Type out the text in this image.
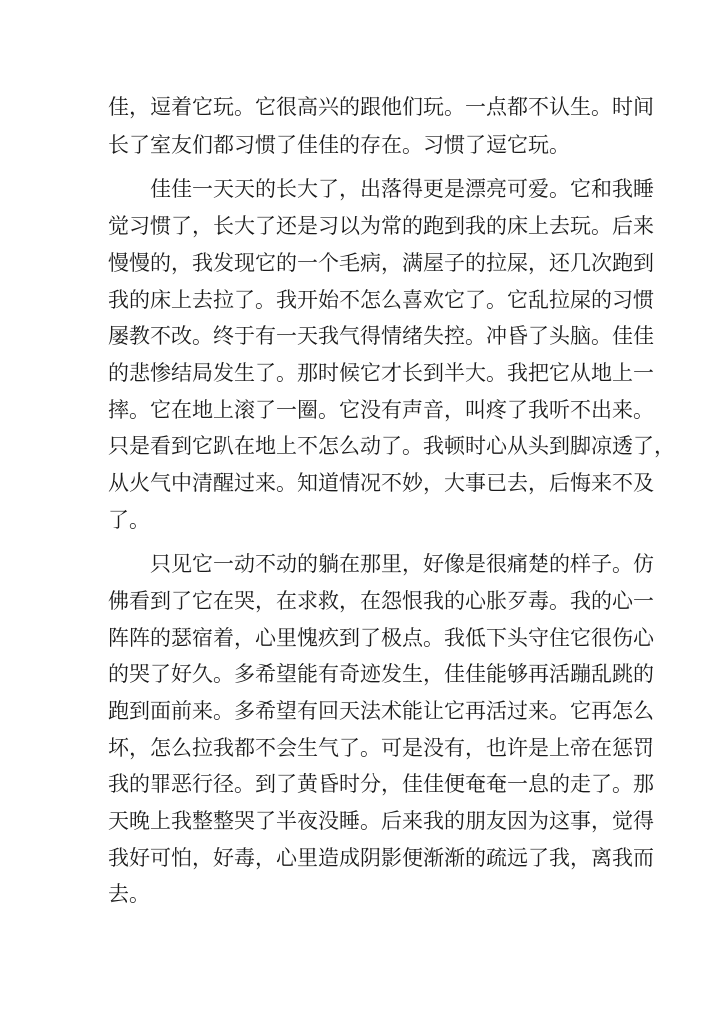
佳，逗着它玩。它很高兴的跟他们玩。一点都不认生。时间

长了室友们都习惯了佳佳的存在。习惯了逗它玩。

佳佳一天天的长大了，出落得更是漂亮可爱。它和我睡

觉习惯了，长大了还是习以为常的跑到我的床上去玩。后来

慢慢的，我发现它的一个毛病，满屋子的拉屎，还几次跑到

我的床上去拉了。我开始不怎么喜欢它了。它乱拉屎的习惯

屡教不改。终于有一天我气得情绪失控。冲昏了头脑。佳佳

的悲惨结局发生了。那时候它才长到半大。我把它从地上一

摔。它在地上滚了一圈。它没有声音，叫疼了我听不出来。

只是看到它趴在地上不怎么动了。我顿时心从头到脚凉透了，

从火气中清醒过来。知道情况不妙，大事已去，后悔来不及

了。

只见它一动不动的躺在那里，好像是很痛楚的样子。仿

佛看到了它在哭，在求救，在怨恨我的心胀歹毒。我的心一

阵阵的瑟宿着，心里愧疚到了极点。我低下头守住它很伤心

的哭了好久。多希望能有奇迹发生，佳佳能够再活蹦乱跳的

跑到面前来。多希望有回天法术能让它再活过来。它再怎么

坏，怎么拉我都不会生气了。可是没有，也许是上帝在惩罚

我的罪恶行径。到了黄昏时分，佳佳便奄奄一息的走了。那

天晚上我整整哭了半夜没睡。后来我的朋友因为这事，觉得

我好可怕，好毒，心里造成阴影便渐渐的疏远了我，离我而

去。
